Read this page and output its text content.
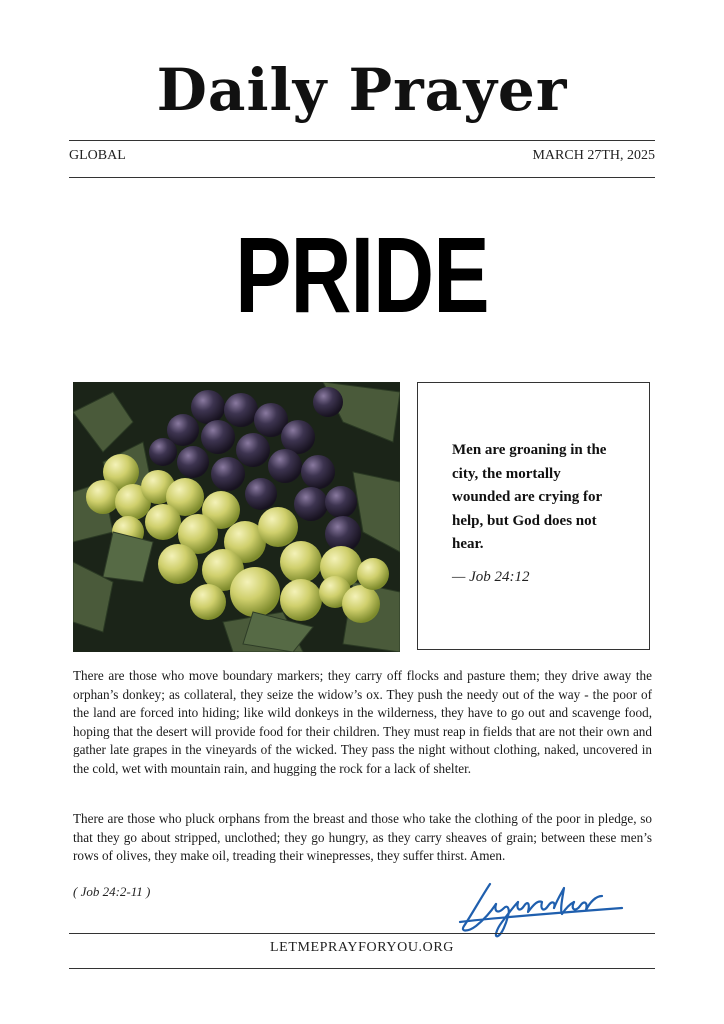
Daily Prayer
GLOBAL	MARCH 27TH, 2025
PRIDE
Men are groaning in the city, the mortally wounded are crying for help, but God does not hear.
— Job 24:12
There are those who move boundary markers; they carry off flocks and pasture them; they drive away the orphan’s donkey; as collateral, they seize the widow’s ox. They push the needy out of the way - the poor of the land are forced into hiding; like wild donkeys in the wilderness, they have to go out and scavenge food, hoping that the desert will provide food for their children. They must reap in fields that are not their own and gather late grapes in the vineyards of the wicked. They pass the night without clothing, naked, uncovered in the cold, wet with mountain rain, and hugging the rock for a lack of shelter.
There are those who pluck orphans from the breast and those who take the clothing of the poor in pledge, so that they go about stripped, unclothed; they go hungry, as they carry sheaves of grain; between these men’s rows of olives, they make oil, treading their winepresses, they suffer thirst. Amen.
( Job 24:2-11 )
LETMEPRAYFORYOU.ORG
